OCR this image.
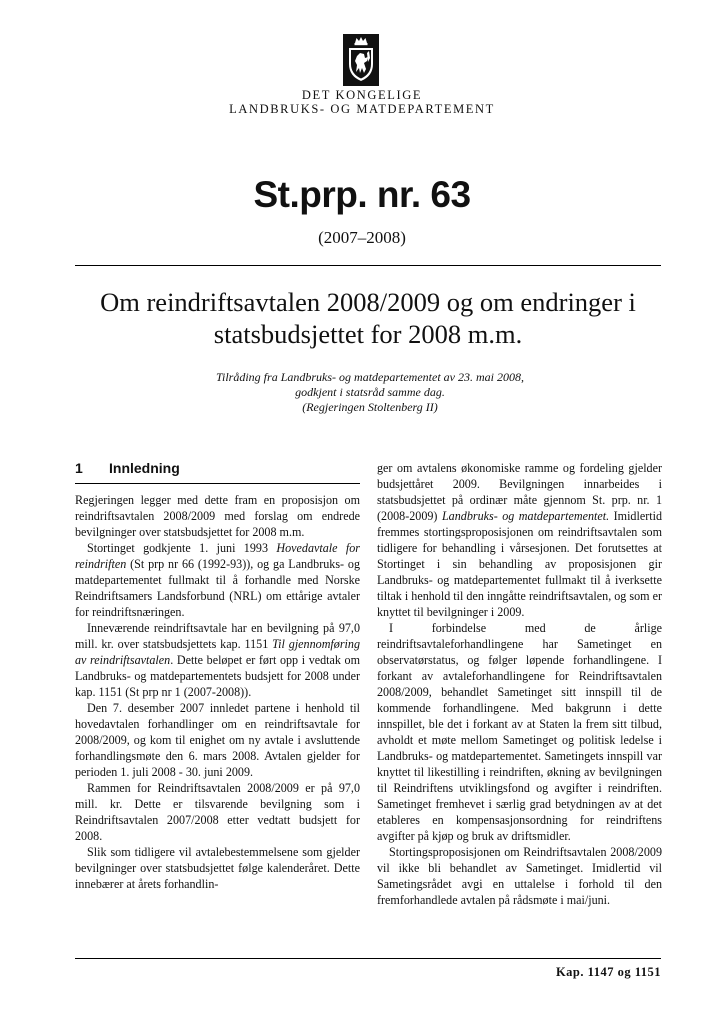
DET KONGELIGE
LANDBRUKS- OG MATDEPARTEMENT
St.prp. nr. 63
(2007–2008)
Om reindriftsavtalen 2008/2009 og om endringer i statsbudsjettet for 2008 m.m.
Tilråding fra Landbruks- og matdepartementet av 23. mai 2008,
godkjent i statsråd samme dag.
(Regjeringen Stoltenberg II)
1 Innledning

Regjeringen legger med dette fram en proposisjon om reindriftsavtalen 2008/2009 med forslag om endrede bevilgninger over statsbudsjettet for 2008 m.m.

Stortinget godkjente 1. juni 1993 Hovedavtale for reindriften (St prp nr 66 (1992-93)), og ga Landbruks- og matdepartementet fullmakt til å forhandle med Norske Reindriftsamers Landsforbund (NRL) om ettårige avtaler for reindriftsnæringen.

Inneværende reindriftsavtale har en bevilgning på 97,0 mill. kr. over statsbudsjettets kap. 1151 Til gjennomføring av reindriftsavtalen. Dette beløpet er ført opp i vedtak om Landbruks- og matdepartementets budsjett for 2008 under kap. 1151 (St prp nr 1 (2007-2008)).

Den 7. desember 2007 innledet partene i henhold til hovedavtalen forhandlinger om en reindriftsavtale for 2008/2009, og kom til enighet om ny avtale i avsluttende forhandlingsmøte den 6. mars 2008. Avtalen gjelder for perioden 1. juli 2008 - 30. juni 2009.

Rammen for Reindriftsavtalen 2008/2009 er på 97,0 mill. kr. Dette er tilsvarende bevilgning som i Reindriftsavtalen 2007/2008 etter vedtatt budsjett for 2008.

Slik som tidligere vil avtalebestemmelsene som gjelder bevilgninger over statsbudsjettet følge kalenderåret. Dette innebærer at årets forhandlin-

ger om avtalens økonomiske ramme og fordeling gjelder budsjettåret 2009. Bevilgningen innarbeides i statsbudsjettet på ordinær måte gjennom St. prp. nr. 1 (2008-2009) Landbruks- og matdepartementet. Imidlertid fremmes stortingsproposisjonen om reindriftsavtalen som tidligere for behandling i vårsesjonen. Det forutsettes at Stortinget i sin behandling av proposisjonen gir Landbruks- og matdepartementet fullmakt til å iverksette tiltak i henhold til den inngåtte reindriftsavtalen, og som er knyttet til bevilgninger i 2009.

I forbindelse med de årlige reindriftsavtaleforhandlingene har Sametinget en observatørstatus, og følger løpende forhandlingene. I forkant av avtaleforhandlingene for Reindriftsavtalen 2008/2009, behandlet Sametinget sitt innspill til de kommende forhandlingene. Med bakgrunn i dette innspillet, ble det i forkant av at Staten la frem sitt tilbud, avholdt et møte mellom Sametinget og politisk ledelse i Landbruks- og matdepartementet. Sametingets innspill var knyttet til likestilling i reindriften, økning av bevilgningen til Reindriftens utviklingsfond og avgifter i reindriften. Sametinget fremhevet i særlig grad betydningen av at det etableres en kompensasjonsordning for reindriftens avgifter på kjøp og bruk av driftsmidler.

Stortingsproposisjonen om Reindriftsavtalen 2008/2009 vil ikke bli behandlet av Sametinget. Imidlertid vil Sametingsrådet avgi en uttalelse i forhold til den fremforhandlede avtalen på rådsmøte i mai/juni.

Kap. 1147 og 1151
